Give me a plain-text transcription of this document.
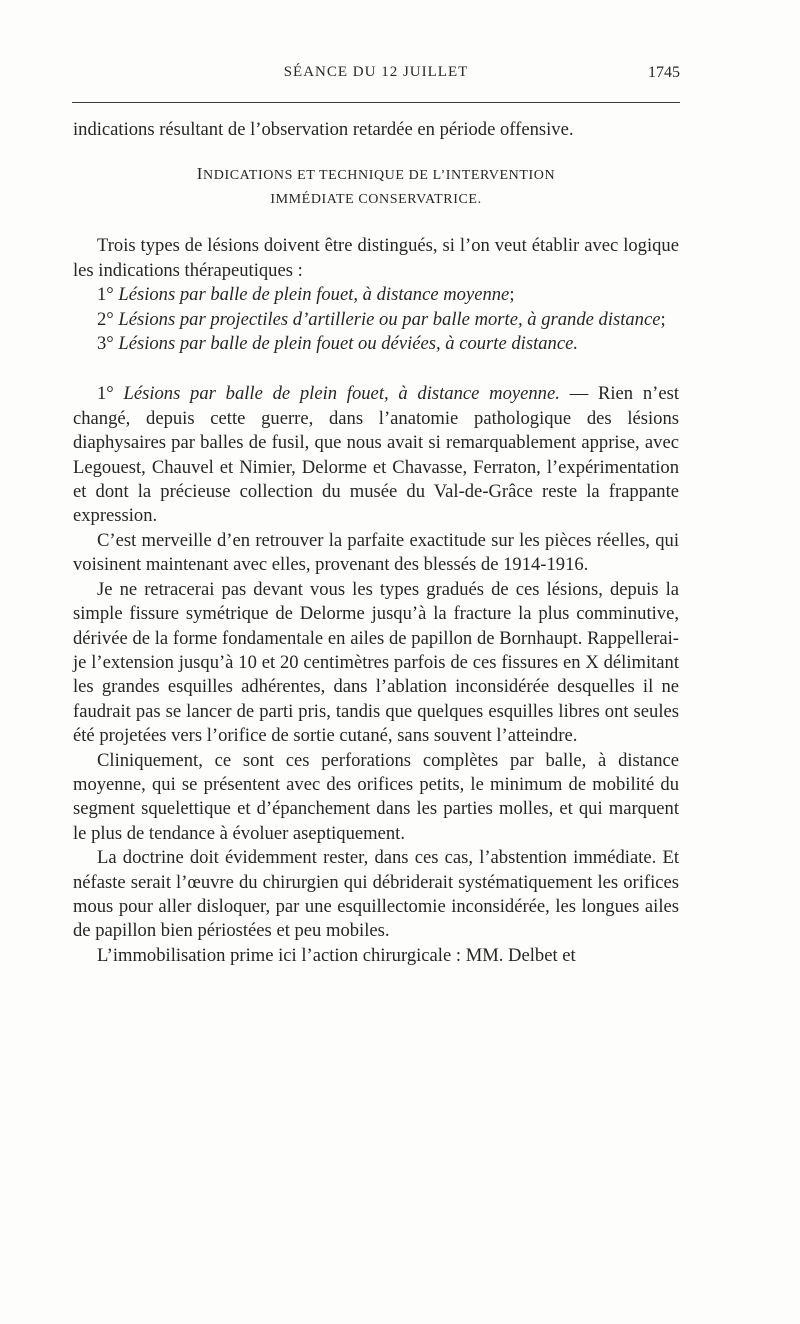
SÉANCE DU 12 JUILLET	1745

indications résultant de l’observation retardée en période offensive.

INDICATIONS ET TECHNIQUE DE L’INTERVENTION
IMMÉDIATE CONSERVATRICE.

Trois types de lésions doivent être distingués, si l’on veut établir avec logique les indications thérapeutiques :

1° Lésions par balle de plein fouet, à distance moyenne;

2° Lésions par projectiles d’artillerie ou par balle morte, à grande distance;

3° Lésions par balle de plein fouet ou déviées, à courte distance.

1° Lésions par balle de plein fouet, à distance moyenne. — Rien n’est changé, depuis cette guerre, dans l’anatomie pathologique des lésions diaphysaires par balles de fusil, que nous avait si remarquablement apprise, avec Legouest, Chauvel et Nimier, Delorme et Chavasse, Ferraton, l’expérimentation et dont la précieuse collection du musée du Val-de-Grâce reste la frappante expression.

C’est merveille d’en retrouver la parfaite exactitude sur les pièces réelles, qui voisinent maintenant avec elles, provenant des blessés de 1914-1916.

Je ne retracerai pas devant vous les types gradués de ces lésions, depuis la simple fissure symétrique de Delorme jusqu’à la fracture la plus comminutive, dérivée de la forme fondamentale en ailes de papillon de Bornhaupt. Rappellerai-je l’extension jusqu’à 10 et 20 centimètres parfois de ces fissures en X délimitant les grandes esquilles adhérentes, dans l’ablation inconsidérée desquelles il ne faudrait pas se lancer de parti pris, tandis que quelques esquilles libres ont seules été projetées vers l’orifice de sortie cutané, sans souvent l’atteindre.

Cliniquement, ce sont ces perforations complètes par balle, à distance moyenne, qui se présentent avec des orifices petits, le minimum de mobilité du segment squelettique et d’épanchement dans les parties molles, et qui marquent le plus de tendance à évoluer aseptiquement.

La doctrine doit évidemment rester, dans ces cas, l’abstention immédiate. Et néfaste serait l’œuvre du chirurgien qui débriderait systématiquement les orifices mous pour aller disloquer, par une esquillectomie inconsidérée, les longues ailes de papillon bien périostées et peu mobiles.

L’immobilisation prime ici l’action chirurgicale : MM. Delbet et
